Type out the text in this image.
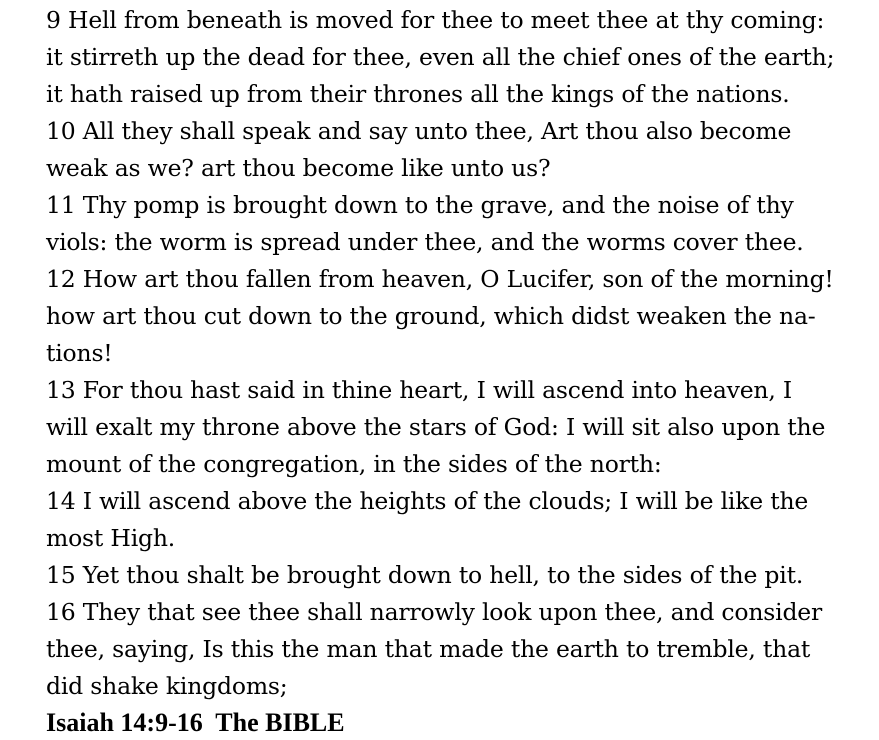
9 Hell from beneath is moved for thee to meet thee at thy coming:
it stirreth up the dead for thee, even all the chief ones of the earth;
it hath raised up from their thrones all the kings of the nations.
10 All they shall speak and say unto thee, Art thou also become
weak as we? art thou become like unto us?
11 Thy pomp is brought down to the grave, and the noise of thy
viols: the worm is spread under thee, and the worms cover thee.
12 How art thou fallen from heaven, O Lucifer, son of the morning!
how art thou cut down to the ground, which didst weaken the na-
tions!
13 For thou hast said in thine heart, I will ascend into heaven, I
will exalt my throne above the stars of God: I will sit also upon the
mount of the congregation, in the sides of the north:
14 I will ascend above the heights of the clouds; I will be like the
most High.
15 Yet thou shalt be brought down to hell, to the sides of the pit.
16 They that see thee shall narrowly look upon thee, and consider
thee, saying, Is this the man that made the earth to tremble, that
did shake kingdoms;
Isaiah 14:9-16  The BIBLE
